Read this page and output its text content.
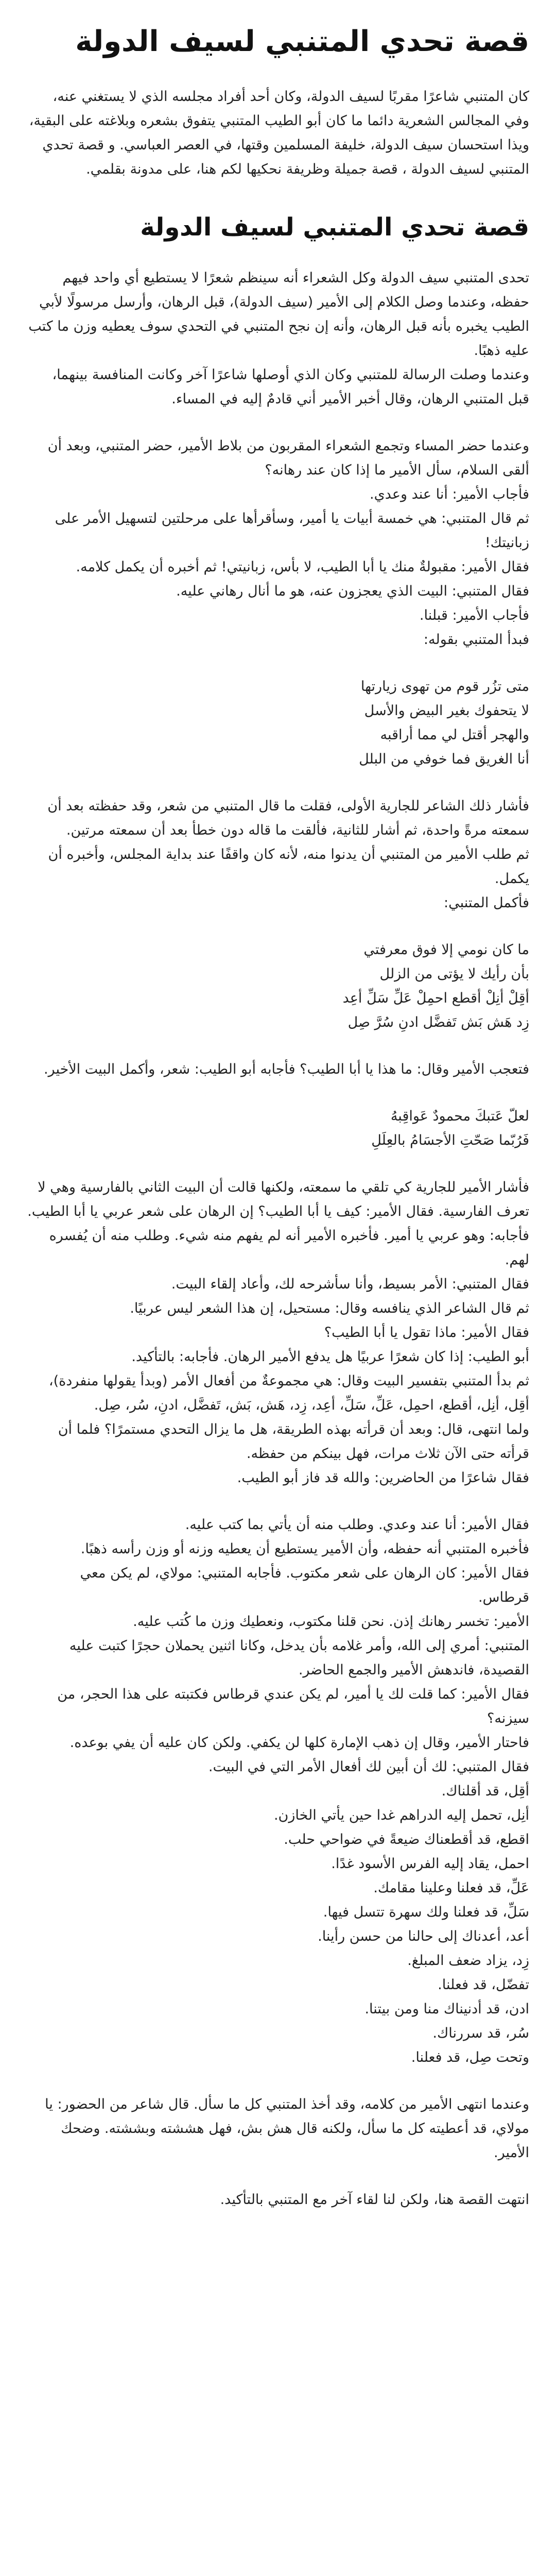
قصة تحدي المتنبي لسيف الدولة

كان المتنبي شاعرًا مقربًا لسيف الدولة، وكان أحد أفراد مجلسه الذي لا يستغني عنه، وفي المجالس الشعرية دائما ما كان أبو الطيب المتنبي يتفوق بشعره وبلاغته على البقية، ويذا استحسان سيف الدولة، خليفة المسلمين وقتها، في العصر العباسي. و قصة تحدي المتنبي لسيف الدولة ، قصة جميلة وظريفة نحكيها لكم هنا، على مدونة بقلمي.

قصة تحدي المتنبي لسيف الدولة

تحدى المتنبي سيف الدولة وكل الشعراء أنه سينظم شعرًا لا يستطيع أي واحد فيهم حفظه، وعندما وصل الكلام إلى الأمير (سيف الدولة)، قبل الرهان، وأرسل مرسولًا لأبي الطيب يخبره بأنه قبل الرهان، وأنه إن نجح المتنبي في التحدي سوف يعطيه وزن ما كتب عليه ذهبًا.
وعندما وصلت الرسالة للمتنبي وكان الذي أوصلها شاعرًا آخر وكانت المنافسة بينهما، قبل المتنبي الرهان، وقال أخبر الأمير أني قادمٌ إليه في المساء.

وعندما حضر المساء وتجمع الشعراء المقربون من بلاط الأمير، حضر المتنبي، وبعد أن ألقى السلام، سأل الأمير ما إذا كان عند رهانه؟
فأجاب الأمير: أنا عند وعدي.
ثم قال المتنبي: هي خمسة أبيات يا أمير، وسأقرأها على مرحلتين لتسهيل الأمر على زبانيتك!
فقال الأمير: مقبولةٌ منك يا أبا الطيب، لا بأس، زبانيتي! ثم أخبره أن يكمل كلامه.
فقال المتنبي: البيت الذي يعجزون عنه، هو ما أنال رهاني عليه.
فأجاب الأمير: قبلنا.
فبدأ المتنبي بقوله:

متى تزُر قوم من تهوى زيارتها
لا يتحفوك بغير البيض والأسل
والهجر أقتل لي مما أراقبه
أنا الغريق فما خوفي من البلل

فأشار ذلك الشاعر للجارية الأولى، فقلت ما قال المتنبي من شعر، وقد حفظته بعد أن سمعته مرةً واحدة، ثم أشار للثانية، فألقت ما قاله دون خطأ بعد أن سمعته مرتين.
ثم طلب الأمير من المتنبي أن يدنوا منه، لأنه كان واقفًا عند بداية المجلس، وأخبره أن يكمل.
فأكمل المتنبي:

ما كان نومي إلا فوق معرفتي
بأن رأيك لا يؤتى من الزلل
أقِلْ أنِلْ أقطع احمِلْ عَلِّ سَلِّ أعِد
زِد هَش بَش تَفضَّل ادنِ سُرَّ صِل

فتعجب الأمير وقال: ما هذا يا أبا الطيب؟ فأجابه أبو الطيب: شعر، وأكمل البيت الأخير.

لعلّ عَتبكَ محمودٌ عَواقِبهُ
فَرُبّما صَحّتِ الأجسَامُ بالعِلَلِ

فأشار الأمير للجارية كي تلقي ما سمعته، ولكنها قالت أن البيت الثاني بالفارسية وهي لا تعرف الفارسية. فقال الأمير: كيف يا أبا الطيب؟ إن الرهان على شعر عربي يا أبا الطيب. فأجابه: وهو عربي يا أمير. فأخبره الأمير أنه لم يفهم منه شيء. وطلب منه أن يُفسره لهم.
فقال المتنبي: الأمر بسيط، وأنا سأشرحه لك، وأعاد إلقاء البيت.
ثم قال الشاعر الذي ينافسه وقال: مستحيل، إن هذا الشعر ليس عربيًا.
فقال الأمير: ماذا تقول يا أبا الطيب؟
أبو الطيب: إذا كان شعرًا عربيًا هل يدفع الأمير الرهان. فأجابه: بالتأكيد.
ثم بدأ المتنبي بتفسير البيت وقال: هي مجموعةٌ من أفعال الأمر (وبدأ يقولها منفردة)، أقِل، أنِل، أقطع، احمِل، عَلِّ، سَلِّ، أعِد، زِد، هَش، بَش، تَفضَّل، ادنِ، سُر، صِل.
ولما انتهى، قال: وبعد أن قرأته بهذه الطريقة، هل ما يزال التحدي مستمرًا؟ فلما أن قرأته حتى الآن ثلاث مرات، فهل بينكم من حفظه.
فقال شاعرًا من الحاضرين: والله قد فاز أبو الطيب.

فقال الأمير: أنا عند وعدي. وطلب منه أن يأتي بما كتب عليه.
فأخبره المتنبي أنه حفظه، وأن الأمير يستطيع أن يعطيه وزنه أو وزن رأسه ذهبًا.
فقال الأمير: كان الرهان على شعر مكتوب. فأجابه المتنبي: مولاي، لم يكن معي قرطاس.
الأمير: تخسر رهانك إذن. نحن قلنا مكتوب، ونعطيك وزن ما كُتب عليه.
المتنبي: أمري إلى الله، وأمر غلامه بأن يدخل، وكانا اثنين يحملان حجرًا كتبت عليه القصيدة، فاندهش الأمير والجمع الحاضر.
فقال الأمير: كما قلت لك يا أمير، لم يكن عندي قرطاس فكتبته على هذا الحجر، من سيزنه؟
فاحتار الأمير، وقال إن ذهب الإمارة كلها لن يكفي. ولكن كان عليه أن يفي بوعده.
فقال المتنبي: لك أن أبين لك أفعال الأمر التي في البيت.
أقِل، قد أقلناك.
أنِل، تحمل إليه الدراهم غدا حين يأتي الخازن.
اقطع، قد أقطعناك ضيعةً في ضواحي حلب.
احمل، يقاد إليه الفرس الأسود غدًا.
عَلِّ، قد فعلنا وعلينا مقامك.
سَلِّ، قد فعلنا ولك سهرة تتسل فيها.
أعد، أعدناك إلى حالنا من حسن رأينا.
زِد، يزاد ضعف المبلغ.
تفضّل، قد فعلنا.
ادن، قد أدنيناك منا ومن بيتنا.
سُر، قد سررناك.
وتحت صِل، قد فعلنا.

وعندما انتهى الأمير من كلامه، وقد أخذ المتنبي كل ما سأل. قال شاعر من الحضور: يا مولاي، قد أعطيته كل ما سأل، ولكنه قال هش بش، فهل هششته وبششته. وضحك الأمير.

انتهت القصة هنا، ولكن لنا لقاء آخر مع المتنبي بالتأكيد.
